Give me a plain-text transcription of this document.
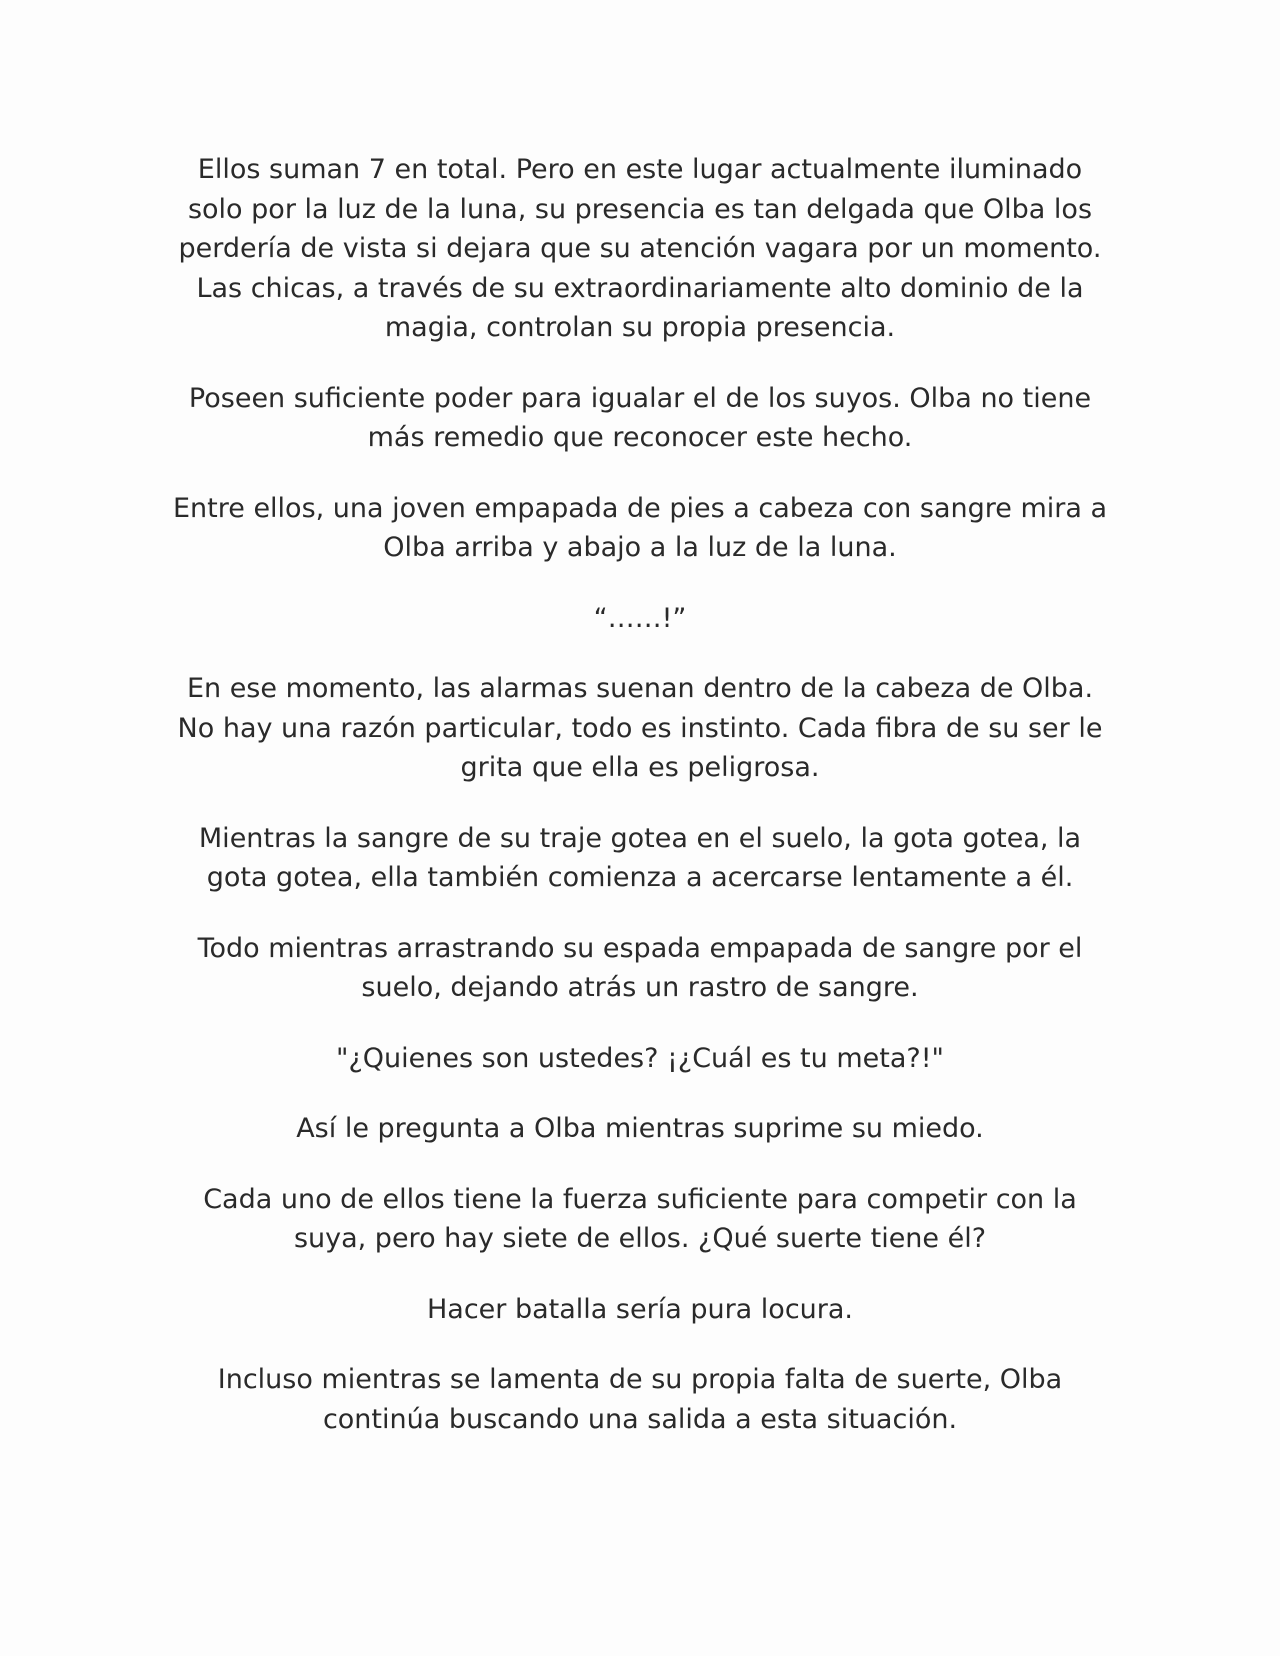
Ellos suman 7 en total. Pero en este lugar actualmente iluminado solo por la luz de la luna, su presencia es tan delgada que Olba los perdería de vista si dejara que su atención vagara por un momento. Las chicas, a través de su extraordinariamente alto dominio de la magia, controlan su propia presencia.

Poseen suficiente poder para igualar el de los suyos. Olba no tiene más remedio que reconocer este hecho.

Entre ellos, una joven empapada de pies a cabeza con sangre mira a Olba arriba y abajo a la luz de la luna.

“……!”

En ese momento, las alarmas suenan dentro de la cabeza de Olba. No hay una razón particular, todo es instinto. Cada fibra de su ser le grita que ella es peligrosa.

Mientras la sangre de su traje gotea en el suelo, la gota gotea, la gota gotea, ella también comienza a acercarse lentamente a él.

Todo mientras arrastrando su espada empapada de sangre por el suelo, dejando atrás un rastro de sangre.

"¿Quienes son ustedes? ¡¿Cuál es tu meta?!"

Así le pregunta a Olba mientras suprime su miedo.

Cada uno de ellos tiene la fuerza suficiente para competir con la suya, pero hay siete de ellos. ¿Qué suerte tiene él?

Hacer batalla sería pura locura.

Incluso mientras se lamenta de su propia falta de suerte, Olba continúa buscando una salida a esta situación.
